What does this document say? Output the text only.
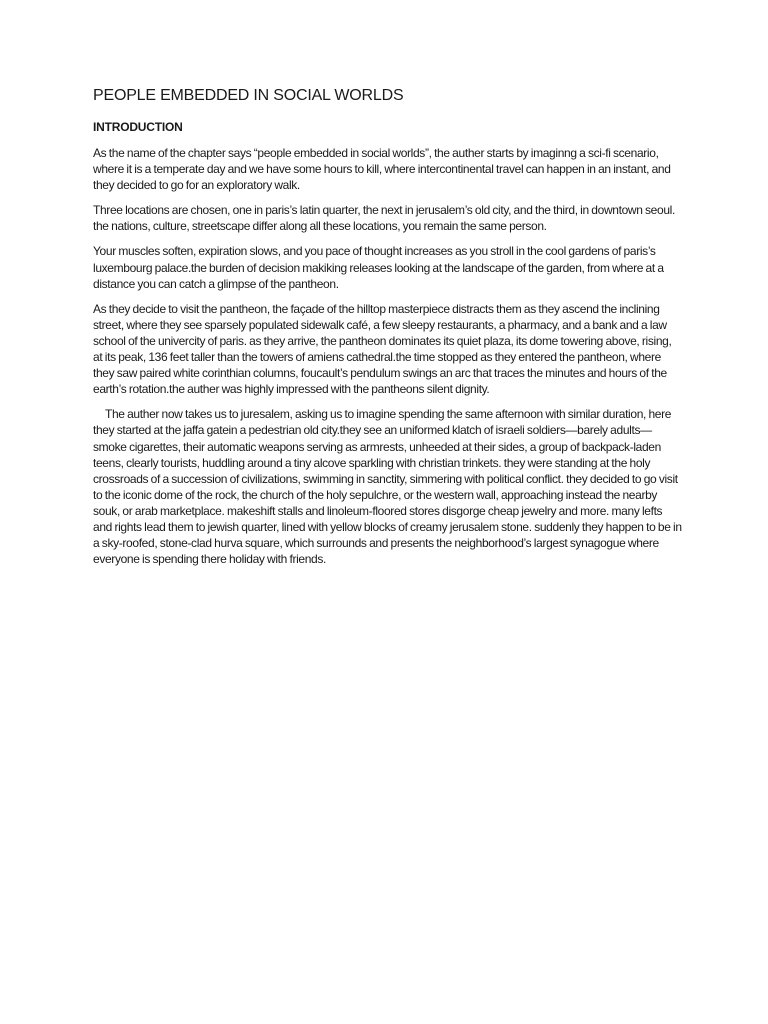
PEOPLE EMBEDDED IN SOCIAL WORLDS
INTRODUCTION

As the name of the chapter says “people embedded in social worlds”, the auther starts by imaginng a sci-fi scenario, where it is a temperate day and we have some hours to kill, where intercontinental travel can happen in an instant, and they decided to go for an exploratory walk.

Three locations are chosen, one in paris’s latin quarter, the next in jerusalem’s old city, and the third, in downtown seoul. the nations, culture, streetscape differ along all these locations, you remain the same person.

Your muscles soften, expiration slows, and you pace of thought increases as you stroll in the cool gardens of paris’s luxembourg palace.the burden of decision makiking releases looking at the landscape of the garden, from where at a distance you can catch a glimpse of the pantheon.

As they decide to visit the pantheon, the façade of the hilltop masterpiece distracts them as they ascend the inclining street, where they see sparsely populated sidewalk café, a few sleepy restaurants, a pharmacy, and a bank and a law school of the univercity of paris. as they arrive, the pantheon dominates its quiet plaza, its dome towering above, rising, at its peak, 136 feet taller than the towers of amiens cathedral.the time stopped as they entered the pantheon, where they saw paired white corinthian columns, foucault’s pendulum swings an arc that traces the minutes and hours of the earth’s rotation.the auther was highly impressed with the pantheons silent dignity.

The auther now takes us to juresalem, asking us to imagine spending the same afternoon with similar duration, here they started at the jaffa gatein a pedestrian old city.they see an uniformed klatch of israeli soldiers—barely adults— smoke cigarettes, their automatic weapons serving as armrests, unheeded at their sides, a group of backpack-laden teens, clearly tourists, huddling around a tiny alcove sparkling with christian trinkets. they were standing at the holy crossroads of a succession of civilizations, swimming in sanctity, simmering with political conflict. they decided to go visit to the iconic dome of the rock, the church of the holy sepulchre, or the western wall, approaching instead the nearby souk, or arab marketplace. makeshift stalls and linoleum-floored stores disgorge cheap jewelry and more. many lefts and rights lead them to jewish quarter, lined with yellow blocks of creamy jerusalem stone. suddenly they happen to be in a sky-roofed, stone-clad hurva square, which surrounds and presents the neighborhood’s largest synagogue where everyone is spending there holiday with friends.
